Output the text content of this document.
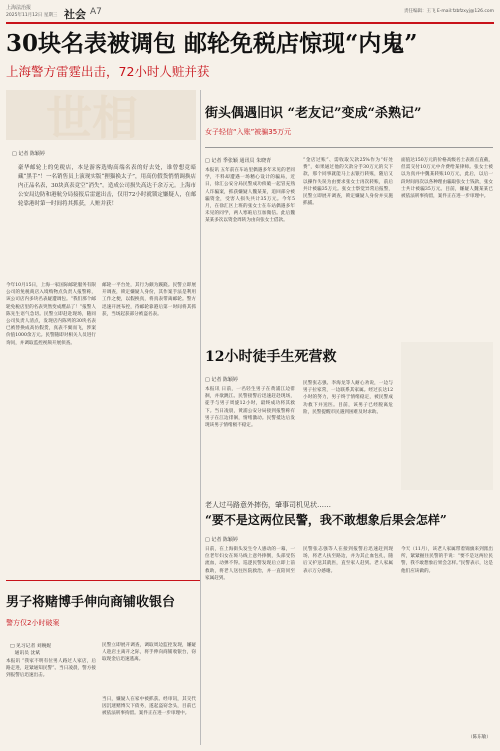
上海法治报
2025年11月12日 星期三 社会 A7	责任编辑：王飞 E-mail:fzbfzxyj@126.com
30块名表被调包 邮轮免税店惊现“内鬼”
上海警方雷霆出击，72小时人赃并获
世相	街头偶遇旧识 “老友记”变成“杀熟记”
女子轻信“入账”被骗35万元
□ 记者 季张颖 通讯员 朱晓青
本报讯 五年前在车站里偶遇多年未见的老同学，不料却遭遇一场精心设计的骗局，近日，徐汇公安分局民警成功侦破一起冒充熟人诈骗案，抓获嫌疑人魏某某，追回部分被骗资金，受害人损失共计35万元。今年5月，在徐汇区上班的张女士在车站偶遇多年未见的同学，两人寒暄后互加微信。此后魏某某多次以资金周转为由向张女士借款。
“金店过账”、需收取欠款25%作为“好处费”，如果通过他的欠款分手30万元的欠下款，那个同事就能马上去银行转账，随后又以操作失误为由要求张女士再次转账，前后共计被骗35万元。张女士察觉异常后报警，民警立即展开调查，锁定嫌疑人身份并实施抓捕。
面值达150万元的价格高级名士表准点直截，但需交付10万元中介费给某律师。张女士被以为真并中魏某转账10万元，此后，以后一段时间再次以各种理由骗取张女士钱款，张女士共计被骗35万元。目前，嫌疑人魏某某已被依法刑事拘留，案件正在进一步审理中。
□ 记者 陈颖婷
豪华邮轮上的免税店，本是游客选购高端名表的好去处，谁曾想竟暗藏“黑手”！一名销售员上演现实版“狸猫换太子”，用高仿假货悄悄调换店内正品名表，30块真表竟空“消失”。造成公司损失高达千余万元。上海市公安局边防和港航分局接报后雷霆出击，仅用72小时就锁定嫌疑人，在邮轮靠港时第一时间将其抓获，人赃并获！
今年10月15日，上海一家国际邮轮服务有限公司的免税商店入境购物点负责人报警称，该公司店内多块名表疑遭调包。“我们那个邮轮免税店里的名表突然变成赝品了！”报警人陈先生语气急切。民警立即赶赴现场，随同公司负责人清点，发现店内陈列的30块名表已被替换成高仿假货，真表不翼而飞，涉案价值1000余万元。民警随即对相关人员进行询问，并调取监控视频开展侦查。
邮轮一平台处，其行为颇为蹊跷。民警立即展开调查，锁定嫌疑人身份，其作案手法是利用工作之便，以假换真，将真表带离邮轮。警方迅速开展布控，待邮轮靠港后第一时间将其抓获，当场起获部分被盗名表。
12小时徒手生死营救
□ 记者 陈颖婷
本报讯 日前，一名轻生男子在黄浦江边徘徊，并欲跳江。民警接警后迅速赶赴现场，徒手与男子周旋12小时，最终成功将其救下。当日凌晨，黄浦公安分局接到报警称有男子在江边徘徊，情绪激动。民警抵达后发现该男子情绪极不稳定。
民警张志强、李海龙等人耐心劝说，一边与男子拉家常，一边联系其家属。经过长达12小时的努力，男子终于情绪稳定，被民警成功救下并送医。目前，该男子已经脱离危险，民警提醒市民遇到困难及时求助。
老人过马路意外摔伤，肇事司机见状……
“要不是这两位民警，我不敢想象后果会怎样”
□ 记者 陈颖婷
日前，在上海街头发生令人感动的一幕，一位老年妇女在斑马线上意外摔倒，头部受伤流血，动弹不得。巡逻民警发现后立即上前救助，将老人送往医院救治，并一直陪同至家属赶到。
民警张志强等人在接到报警后迅速赶到现场，将老人扶至路边，并为其止血包扎，随后又护送其就医，直至家人赶到。老人家属表示万分感谢。
今天（11月），该老人家属带着锦旗来到派出所，紧紧握住民警的手说：“要不是这两位民警，我不敢想象后果会怎样。”民警表示，这是他们应该做的。
（陈东敏）
男子将赌博手伸向商铺收银台
警方仅2小时破案
□ 见习记者 刘婉妮
通讯员 沈斌
本报讯 “我家不明有位男人路过人家店，后路走进，赶紧通知民警”。当日凌晨，警方接到报警后迅速出击。
民警立即展开调查，调取周边监控发现，嫌疑人趁店主离开之际，将手伸向商铺收银台，窃取现金后迅速逃离。
当日，嫌疑人在家中被抓获。经审讯，其交代因沉迷赌博欠下债务，遂起盗窃念头，目前已被依法刑事拘留。案件正在进一步审理中。
